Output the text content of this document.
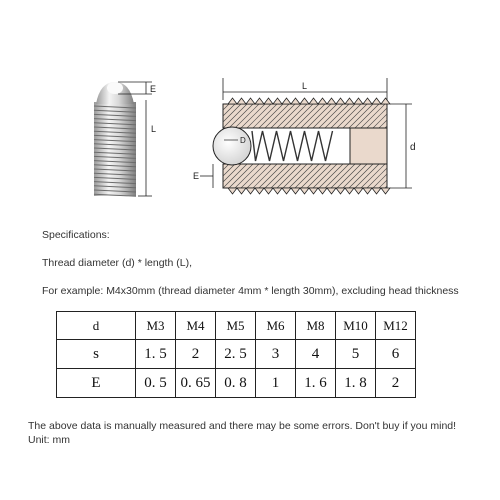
E
L
L
D
d
E
Specifications:
Thread diameter (d) * length (L),
For example: M4x30mm (thread diameter 4mm * length 30mm), excluding head thickness
d	M3	M4	M5	M6	M8	M10	M12
s	1. 5	2	2. 5	3	4	5	6
E	0. 5	0. 65	0. 8	1	1. 6	1. 8	2
The above data is manually measured and there may be some errors. Don't buy if you mind!
Unit: mm
